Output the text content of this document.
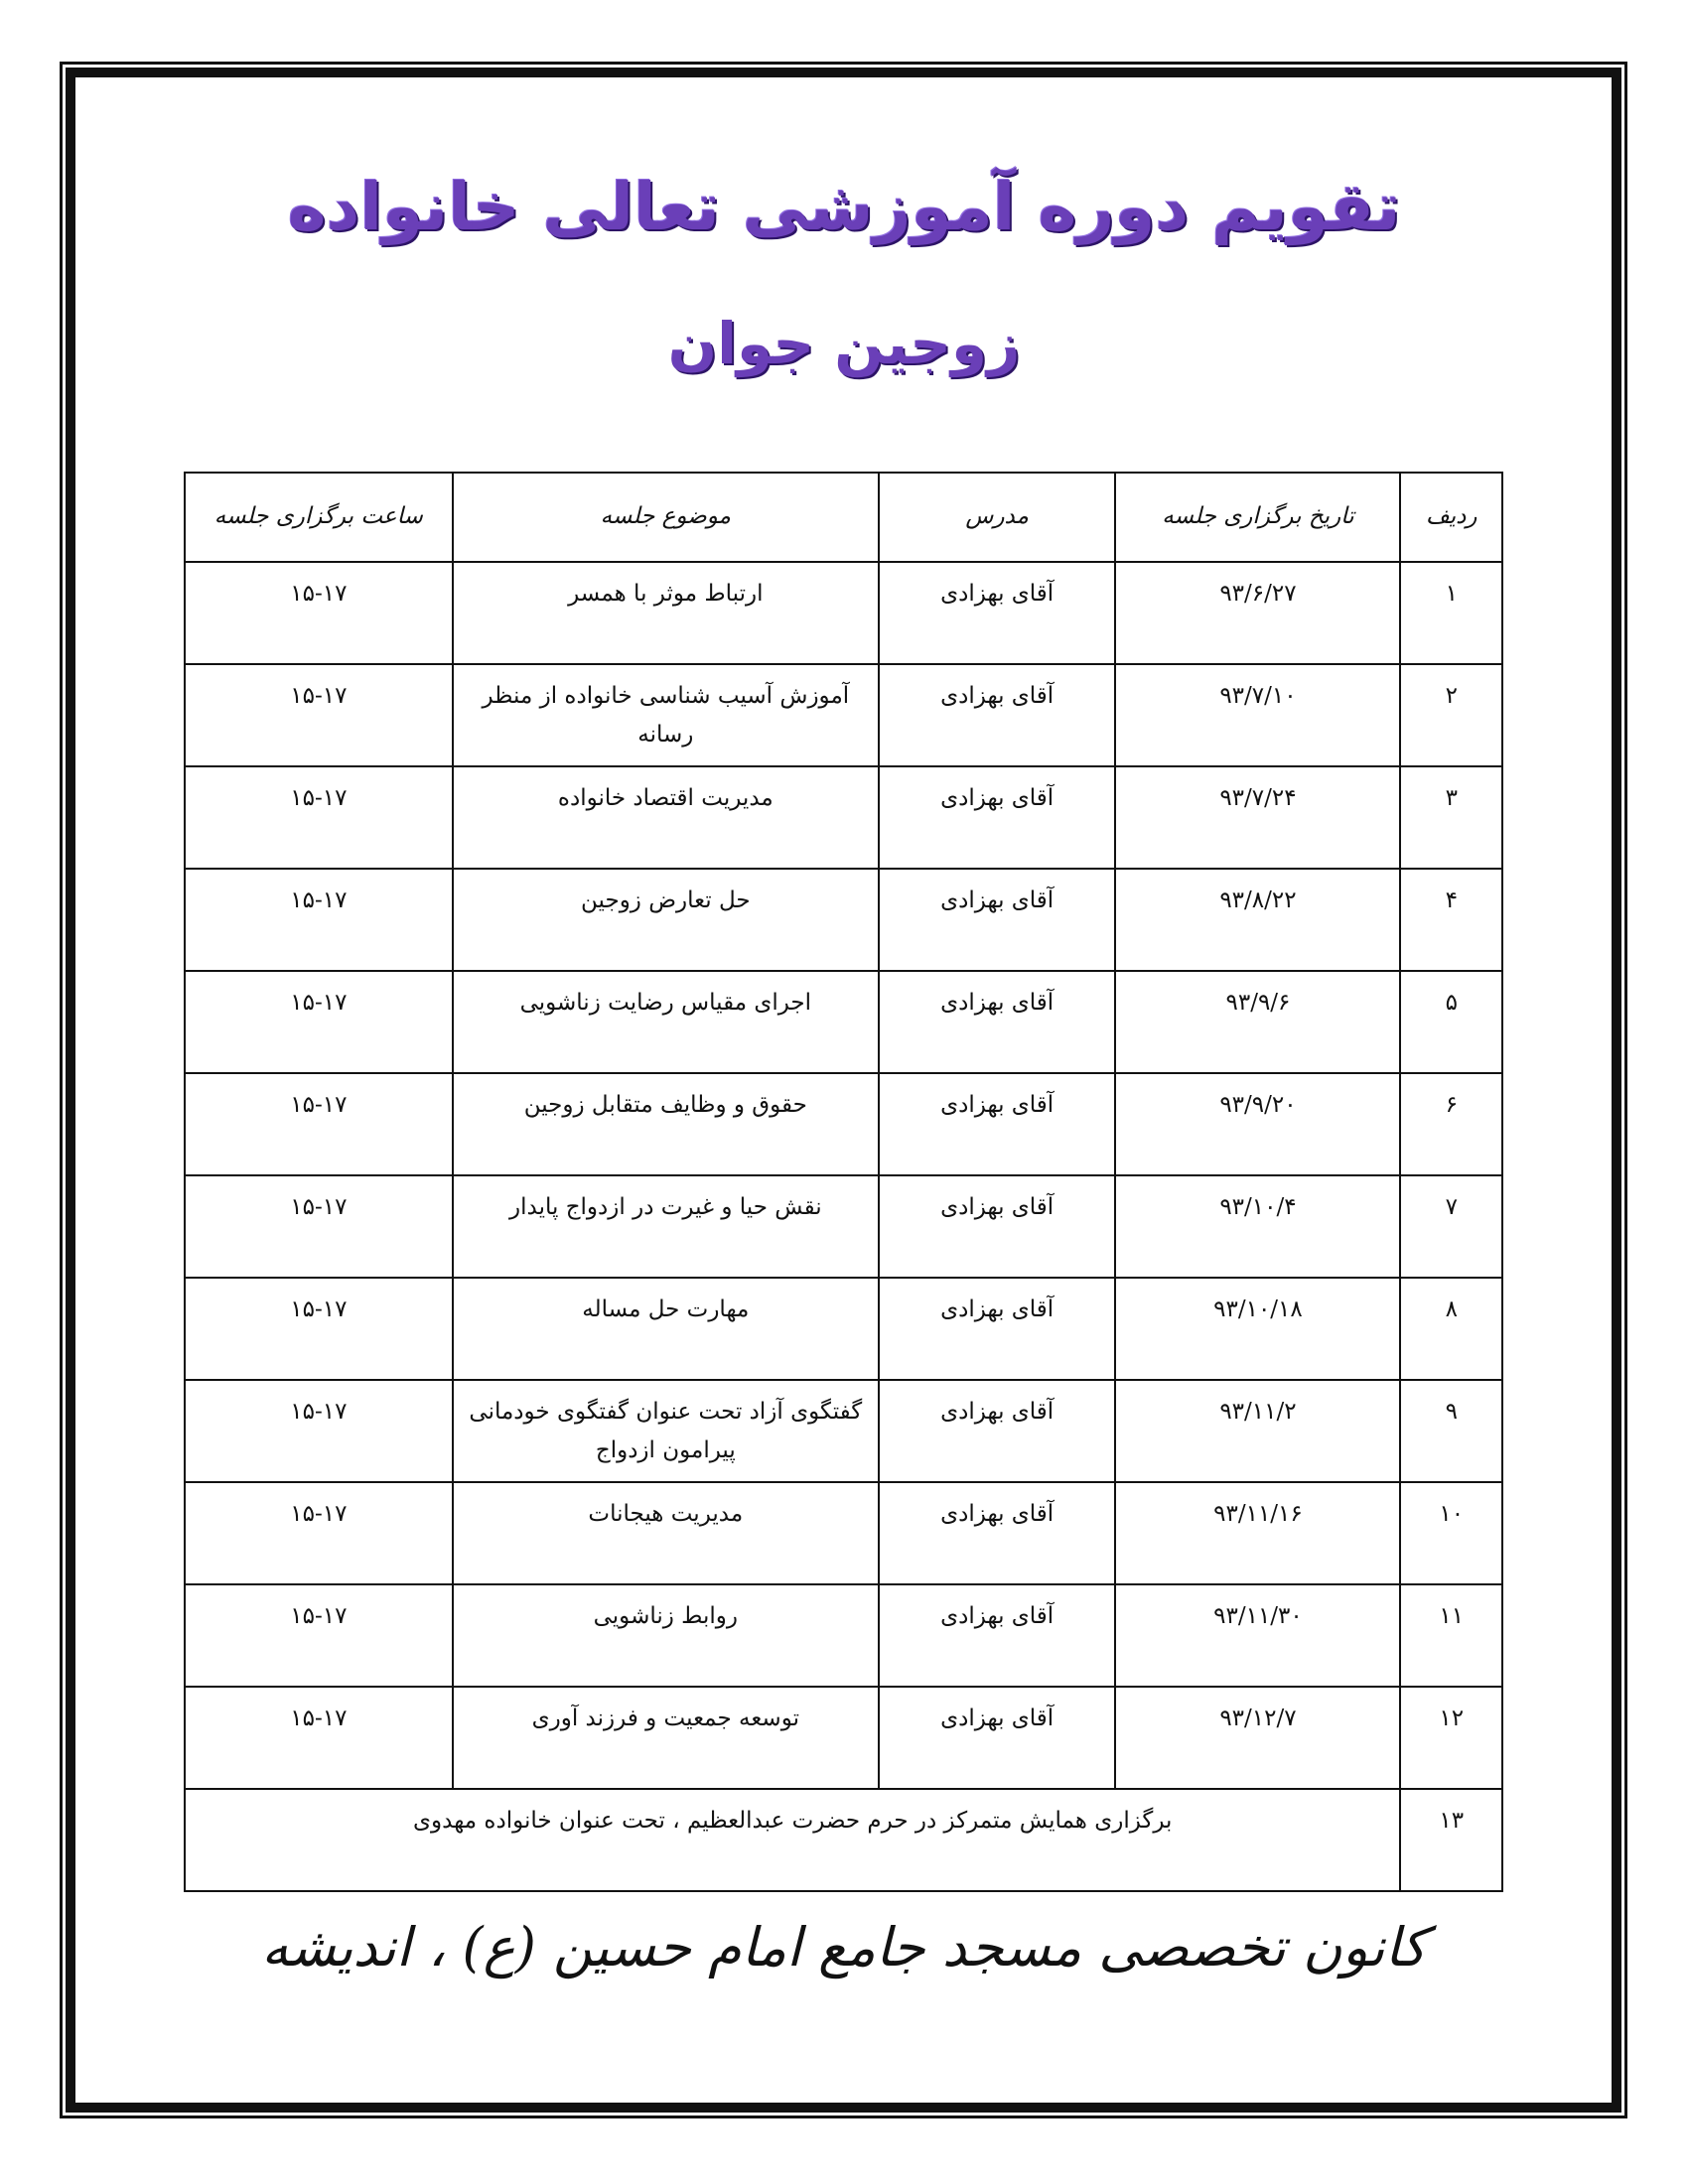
تقویم دوره آموزشی تعالی خانواده
زوجین جوان
ردیف	تاریخ برگزاری جلسه	مدرس	موضوع جلسه	ساعت برگزاری جلسه
۱	۹۳/۶/۲۷	آقای بهزادی	ارتباط موثر با همسر	۱۵-۱۷
۲	۹۳/۷/۱۰	آقای بهزادی	آموزش آسیب شناسی خانواده از منظر رسانه	۱۵-۱۷
۳	۹۳/۷/۲۴	آقای بهزادی	مدیریت اقتصاد خانواده	۱۵-۱۷
۴	۹۳/۸/۲۲	آقای بهزادی	حل تعارض زوجین	۱۵-۱۷
۵	۹۳/۹/۶	آقای بهزادی	اجرای مقیاس رضایت زناشویی	۱۵-۱۷
۶	۹۳/۹/۲۰	آقای بهزادی	حقوق و وظایف متقابل زوجین	۱۵-۱۷
۷	۹۳/۱۰/۴	آقای بهزادی	نقش حیا و غیرت در ازدواج پایدار	۱۵-۱۷
۸	۹۳/۱۰/۱۸	آقای بهزادی	مهارت حل مساله	۱۵-۱۷
۹	۹۳/۱۱/۲	آقای بهزادی	گفتگوی آزاد تحت عنوان گفتگوی خودمانی پیرامون ازدواج	۱۵-۱۷
۱۰	۹۳/۱۱/۱۶	آقای بهزادی	مدیریت هیجانات	۱۵-۱۷
۱۱	۹۳/۱۱/۳۰	آقای بهزادی	روابط زناشویی	۱۵-۱۷
۱۲	۹۳/۱۲/۷	آقای بهزادی	توسعه جمعیت و فرزند آوری	۱۵-۱۷
۱۳	برگزاری همایش متمرکز در حرم حضرت عبدالعظیم ، تحت عنوان خانواده مهدوی			
کانون تخصصی مسجد جامع امام حسین (ع) ، اندیشه
